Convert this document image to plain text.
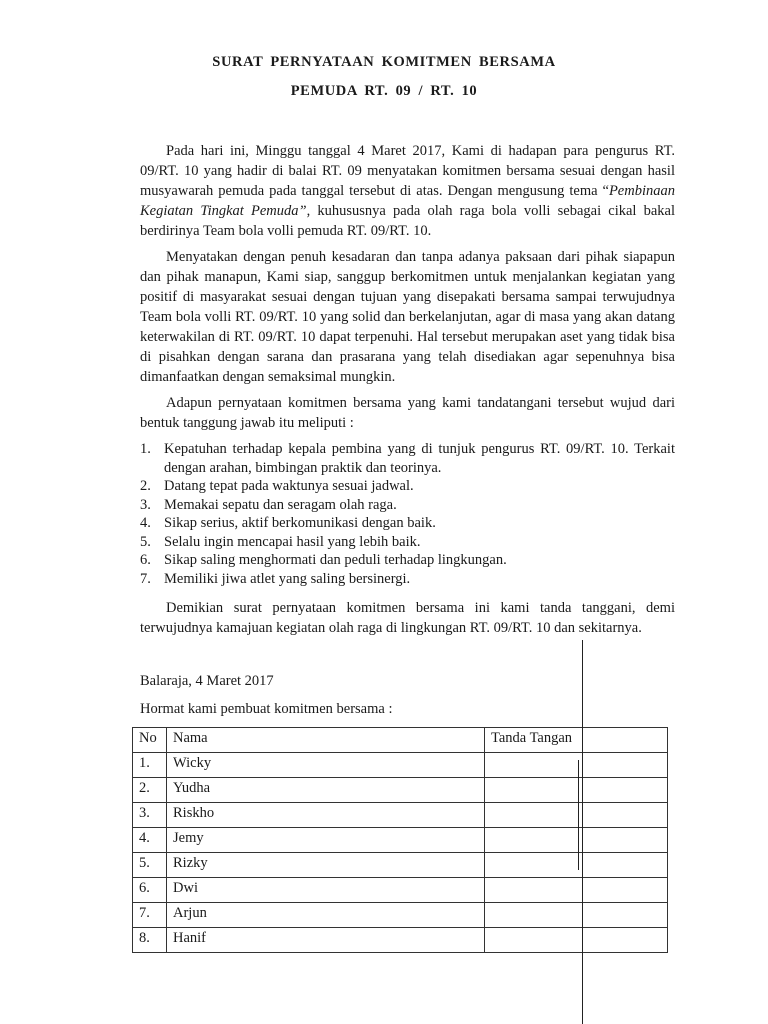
SURAT PERNYATAAN KOMITMEN BERSAMA
PEMUDA RT. 09 / RT. 10

Pada hari ini, Minggu tanggal 4 Maret 2017, Kami di hadapan para pengurus RT. 09/RT. 10 yang hadir di balai RT. 09 menyatakan komitmen bersama sesuai dengan hasil musyawarah pemuda pada tanggal tersebut di atas. Dengan mengusung tema “Pembinaan Kegiatan Tingkat Pemuda”, kuhususnya pada olah raga bola volli sebagai cikal bakal berdirinya Team bola volli pemuda RT. 09/RT. 10.

Menyatakan dengan penuh kesadaran dan tanpa adanya paksaan dari pihak siapapun dan pihak manapun, Kami siap, sanggup berkomitmen untuk menjalankan kegiatan yang positif di masyarakat sesuai dengan tujuan yang disepakati bersama sampai terwujudnya Team bola volli RT. 09/RT. 10 yang solid dan berkelanjutan, agar di masa yang akan datang keterwakilan di RT. 09/RT. 10 dapat terpenuhi. Hal tersebut merupakan aset yang tidak bisa di pisahkan dengan sarana dan prasarana yang telah disediakan agar sepenuhnya bisa dimanfaatkan dengan semaksimal mungkin.

Adapun pernyataan komitmen bersama yang kami tandatangani tersebut wujud dari bentuk tanggung jawab itu meliputi :

1. Kepatuhan terhadap kepala pembina yang di tunjuk pengurus RT. 09/RT. 10. Terkait dengan arahan, bimbingan praktik dan teorinya.
2. Datang tepat pada waktunya sesuai jadwal.
3. Memakai sepatu dan seragam olah raga.
4. Sikap serius, aktif berkomunikasi dengan baik.
5. Selalu ingin mencapai hasil yang lebih baik.
6. Sikap saling menghormati dan peduli terhadap lingkungan.
7. Memiliki jiwa atlet yang saling bersinergi.

Demikian surat pernyataan komitmen bersama ini kami tanda tanggani, demi terwujudnya kamajuan kegiatan olah raga di lingkungan RT. 09/RT. 10 dan sekitarnya.

Balaraja, 4 Maret 2017
Hormat kami pembuat komitmen bersama :
No	Nama	Tanda Tangan
1.	Wicky	
2.	Yudha	
3.	Riskho	
4.	Jemy	
5.	Rizky	
6.	Dwi	
7.	Arjun	
8.	Hanif	
